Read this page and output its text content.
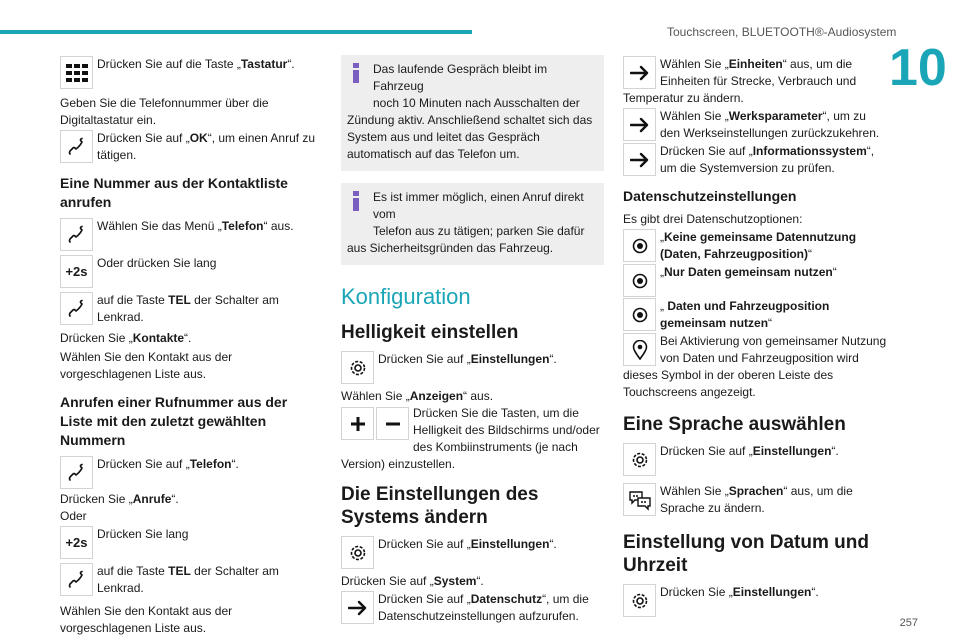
Touchscreen, BLUETOOTH®-Audiosystem
10
257
Drücken Sie auf die Taste „Tastatur“.
Geben Sie die Telefonnummer über die Digitaltastatur ein.
Drücken Sie auf „OK“, um einen Anruf zu tätigen.
Eine Nummer aus der Kontaktliste anrufen
Wählen Sie das Menü „Telefon“ aus.
+2s
Oder drücken Sie lang
auf die Taste TEL der Schalter am Lenkrad.
Drücken Sie „Kontakte“.
Wählen Sie den Kontakt aus der vorgeschlagenen Liste aus.
Anrufen einer Rufnummer aus der Liste mit den zuletzt gewählten Nummern
Drücken Sie auf „Telefon“.
Drücken Sie „Anrufe“.
Oder
+2s
Drücken Sie lang
auf die Taste TEL der Schalter am Lenkrad.
Wählen Sie den Kontakt aus der vorgeschlagenen Liste aus.
Das laufende Gespräch bleibt im Fahrzeug
noch 10 Minuten nach Ausschalten der Zündung aktiv. Anschließend schaltet sich das System aus und leitet das Gespräch automatisch auf das Telefon um.
Es ist immer möglich, einen Anruf direkt vom
Telefon aus zu tätigen; parken Sie dafür aus Sicherheitsgründen das Fahrzeug.
Konfiguration
Helligkeit einstellen
Drücken Sie auf „Einstellungen“.
Wählen Sie „Anzeigen“ aus.
Drücken Sie die Tasten, um die Helligkeit des Bildschirms und/oder des Kombiinstruments (je nach Version) einzustellen.
Die Einstellungen des Systems ändern
Drücken Sie auf „Einstellungen“.
Drücken Sie auf „System“.
Drücken Sie auf „Datenschutz“, um die Datenschutzeinstellungen aufzurufen.
Wählen Sie „Einheiten“ aus, um die Einheiten für Strecke, Verbrauch und Temperatur zu ändern.
Wählen Sie „Werksparameter“, um zu den Werkseinstellungen zurückzukehren.
Drücken Sie auf „Informationssystem“, um die Systemversion zu prüfen.
Datenschutzeinstellungen
Es gibt drei Datenschutzoptionen:
„Keine gemeinsame Datennutzung (Daten, Fahrzeugposition)“
„Nur Daten gemeinsam nutzen“
„ Daten und Fahrzeugposition gemeinsam nutzen“
Bei Aktivierung von gemeinsamer Nutzung von Daten und Fahrzeugposition wird dieses Symbol in der oberen Leiste des Touchscreens angezeigt.
Eine Sprache auswählen
Drücken Sie auf „Einstellungen“.
Wählen Sie „Sprachen“ aus, um die Sprache zu ändern.
Einstellung von Datum und Uhrzeit
Drücken Sie „Einstellungen“.
